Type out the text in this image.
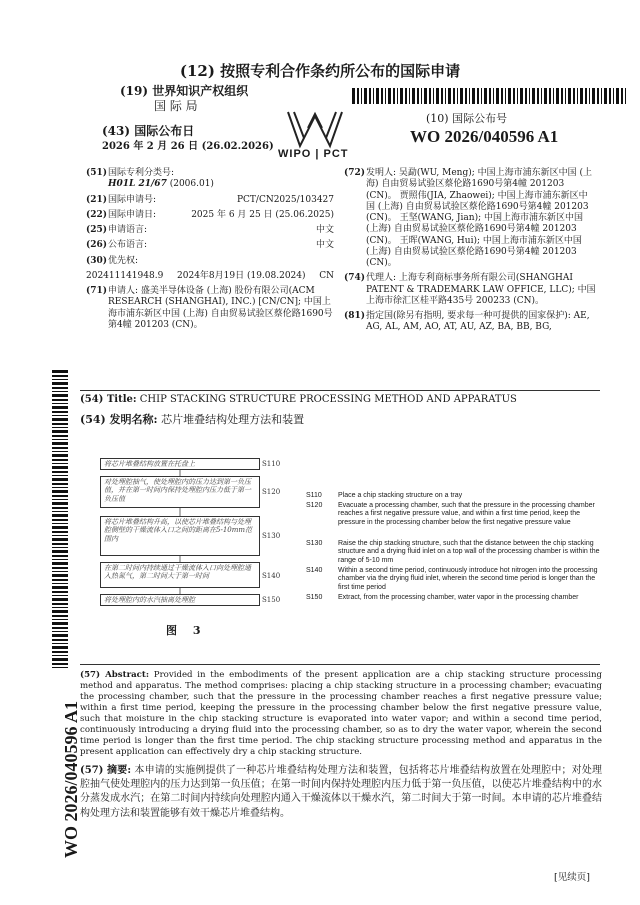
(12) 按照专利合作条约所公布的国际申请
(19) 世界知识产权组织
国 际 局
(43) 国际公布日
2026 年 2 月 26 日 (26.02.2026)
WIPO | PCT
(10) 国际公布号
WO 2026/040596 A1
(51) 国际专利分类号:
H01L 21/67 (2006.01)
(21) 国际申请号:	PCT/CN2025/103427
(22) 国际申请日:	2025 年 6 月 25 日 (25.06.2025)
(25) 申请语言:	中文
(26) 公布语言:	中文
(30) 优先权:
202411141948.9 2024年8月19日 (19.08.2024) CN
(71) 申请人: 盛美半导体设备 (上海) 股份有限公司(ACM RESEARCH (SHANGHAI), INC.) [CN/CN]; 中国上海市浦东新区中国 (上海) 自由贸易试验区蔡伦路1690号第4幢 201203 (CN)。
(72) 发明人: 吴勐(WU, Meng); 中国上海市浦东新区中国 (上海) 自由贸易试验区蔡伦路1690号第4幢 201203 (CN)。 贾照伟(JIA, Zhaowei); 中国上海市浦东新区中国 (上海) 自由贸易试验区蔡伦路1690号第4幢 201203 (CN)。 王坚(WANG, Jian); 中国上海市浦东新区中国 (上海) 自由贸易试验区蔡伦路1690号第4幢 201203 (CN)。 王晖(WANG, Hui); 中国上海市浦东新区中国 (上海) 自由贸易试验区蔡伦路1690号第4幢 201203 (CN)。
(74) 代理人: 上海专利商标事务所有限公司(SHANGHAI PATENT & TRADEMARK LAW OFFICE, LLC); 中国上海市徐汇区桂平路435号 200233 (CN)。
(81) 指定国(除另有指明, 要求每一种可提供的国家保护): AE, AG, AL, AM, AO, AT, AU, AZ, BA, BB, BG,
(54) Title: CHIP STACKING STRUCTURE PROCESSING METHOD AND APPARATUS
(54) 发明名称: 芯片堆叠结构处理方法和装置
将芯片堆叠结构放置在托盘上
对处理腔抽气，使处理腔内的压力达到第一负压值，并在第一时间内保持处理腔内压力低于第一负压值
将芯片堆叠结构升高，以使芯片堆叠结构与处理腔侧壁的干燥流体入口之间的距离在5-10mm范围内
在第二时间内持续通过干燥流体入口向处理腔通入热氮气，第二时间大于第一时间
将处理腔内的水汽抽离处理腔
S110
S120
S130
S140
S150
S110 Place a chip stacking structure on a tray
S120 Evacuate a processing chamber, such that the pressure in the processing chamber reaches a first negative pressure value, and within a first time period, keep the pressure in the processing chamber below the first negative pressure value
S130 Raise the chip stacking structure, such that the distance between the chip stacking structure and a drying fluid inlet on a top wall of the processing chamber is within the range of 5-10 mm
S140 Within a second time period, continuously introduce hot nitrogen into the processing chamber via the drying fluid inlet, wherein the second time period is longer than the first time period
S150 Extract, from the processing chamber, water vapor in the processing chamber
图 3
(57) Abstract: Provided in the embodiments of the present application are a chip stacking structure processing method and apparatus. The method comprises: placing a chip stacking structure in a processing chamber; evacuating the processing chamber, such that the pressure in the processing chamber reaches a first negative pressure value; within a first time period, keeping the pressure in the processing chamber below the first negative pressure value, such that moisture in the chip stacking structure is evaporated into water vapor; and within a second time period, continuously introducing a drying fluid into the processing chamber, so as to dry the water vapor, wherein the second time period is longer than the first time period. The chip stacking structure processing method and apparatus in the present application can effectively dry a chip stacking structure.
(57) 摘要: 本申请的实施例提供了一种芯片堆叠结构处理方法和装置，包括将芯片堆叠结构放置在处理腔中；对处理腔抽气使处理腔内的压力达到第一负压值；在第一时间内保持处理腔内压力低于第一负压值，以使芯片堆叠结构中的水分蒸发成水汽；在第二时间内持续向处理腔内通入干燥流体以干燥水汽，第二时间大于第一时间。本申请的芯片堆叠结构处理方法和装置能够有效干燥芯片堆叠结构。
[见续页]
WO 2026/040596 A1
